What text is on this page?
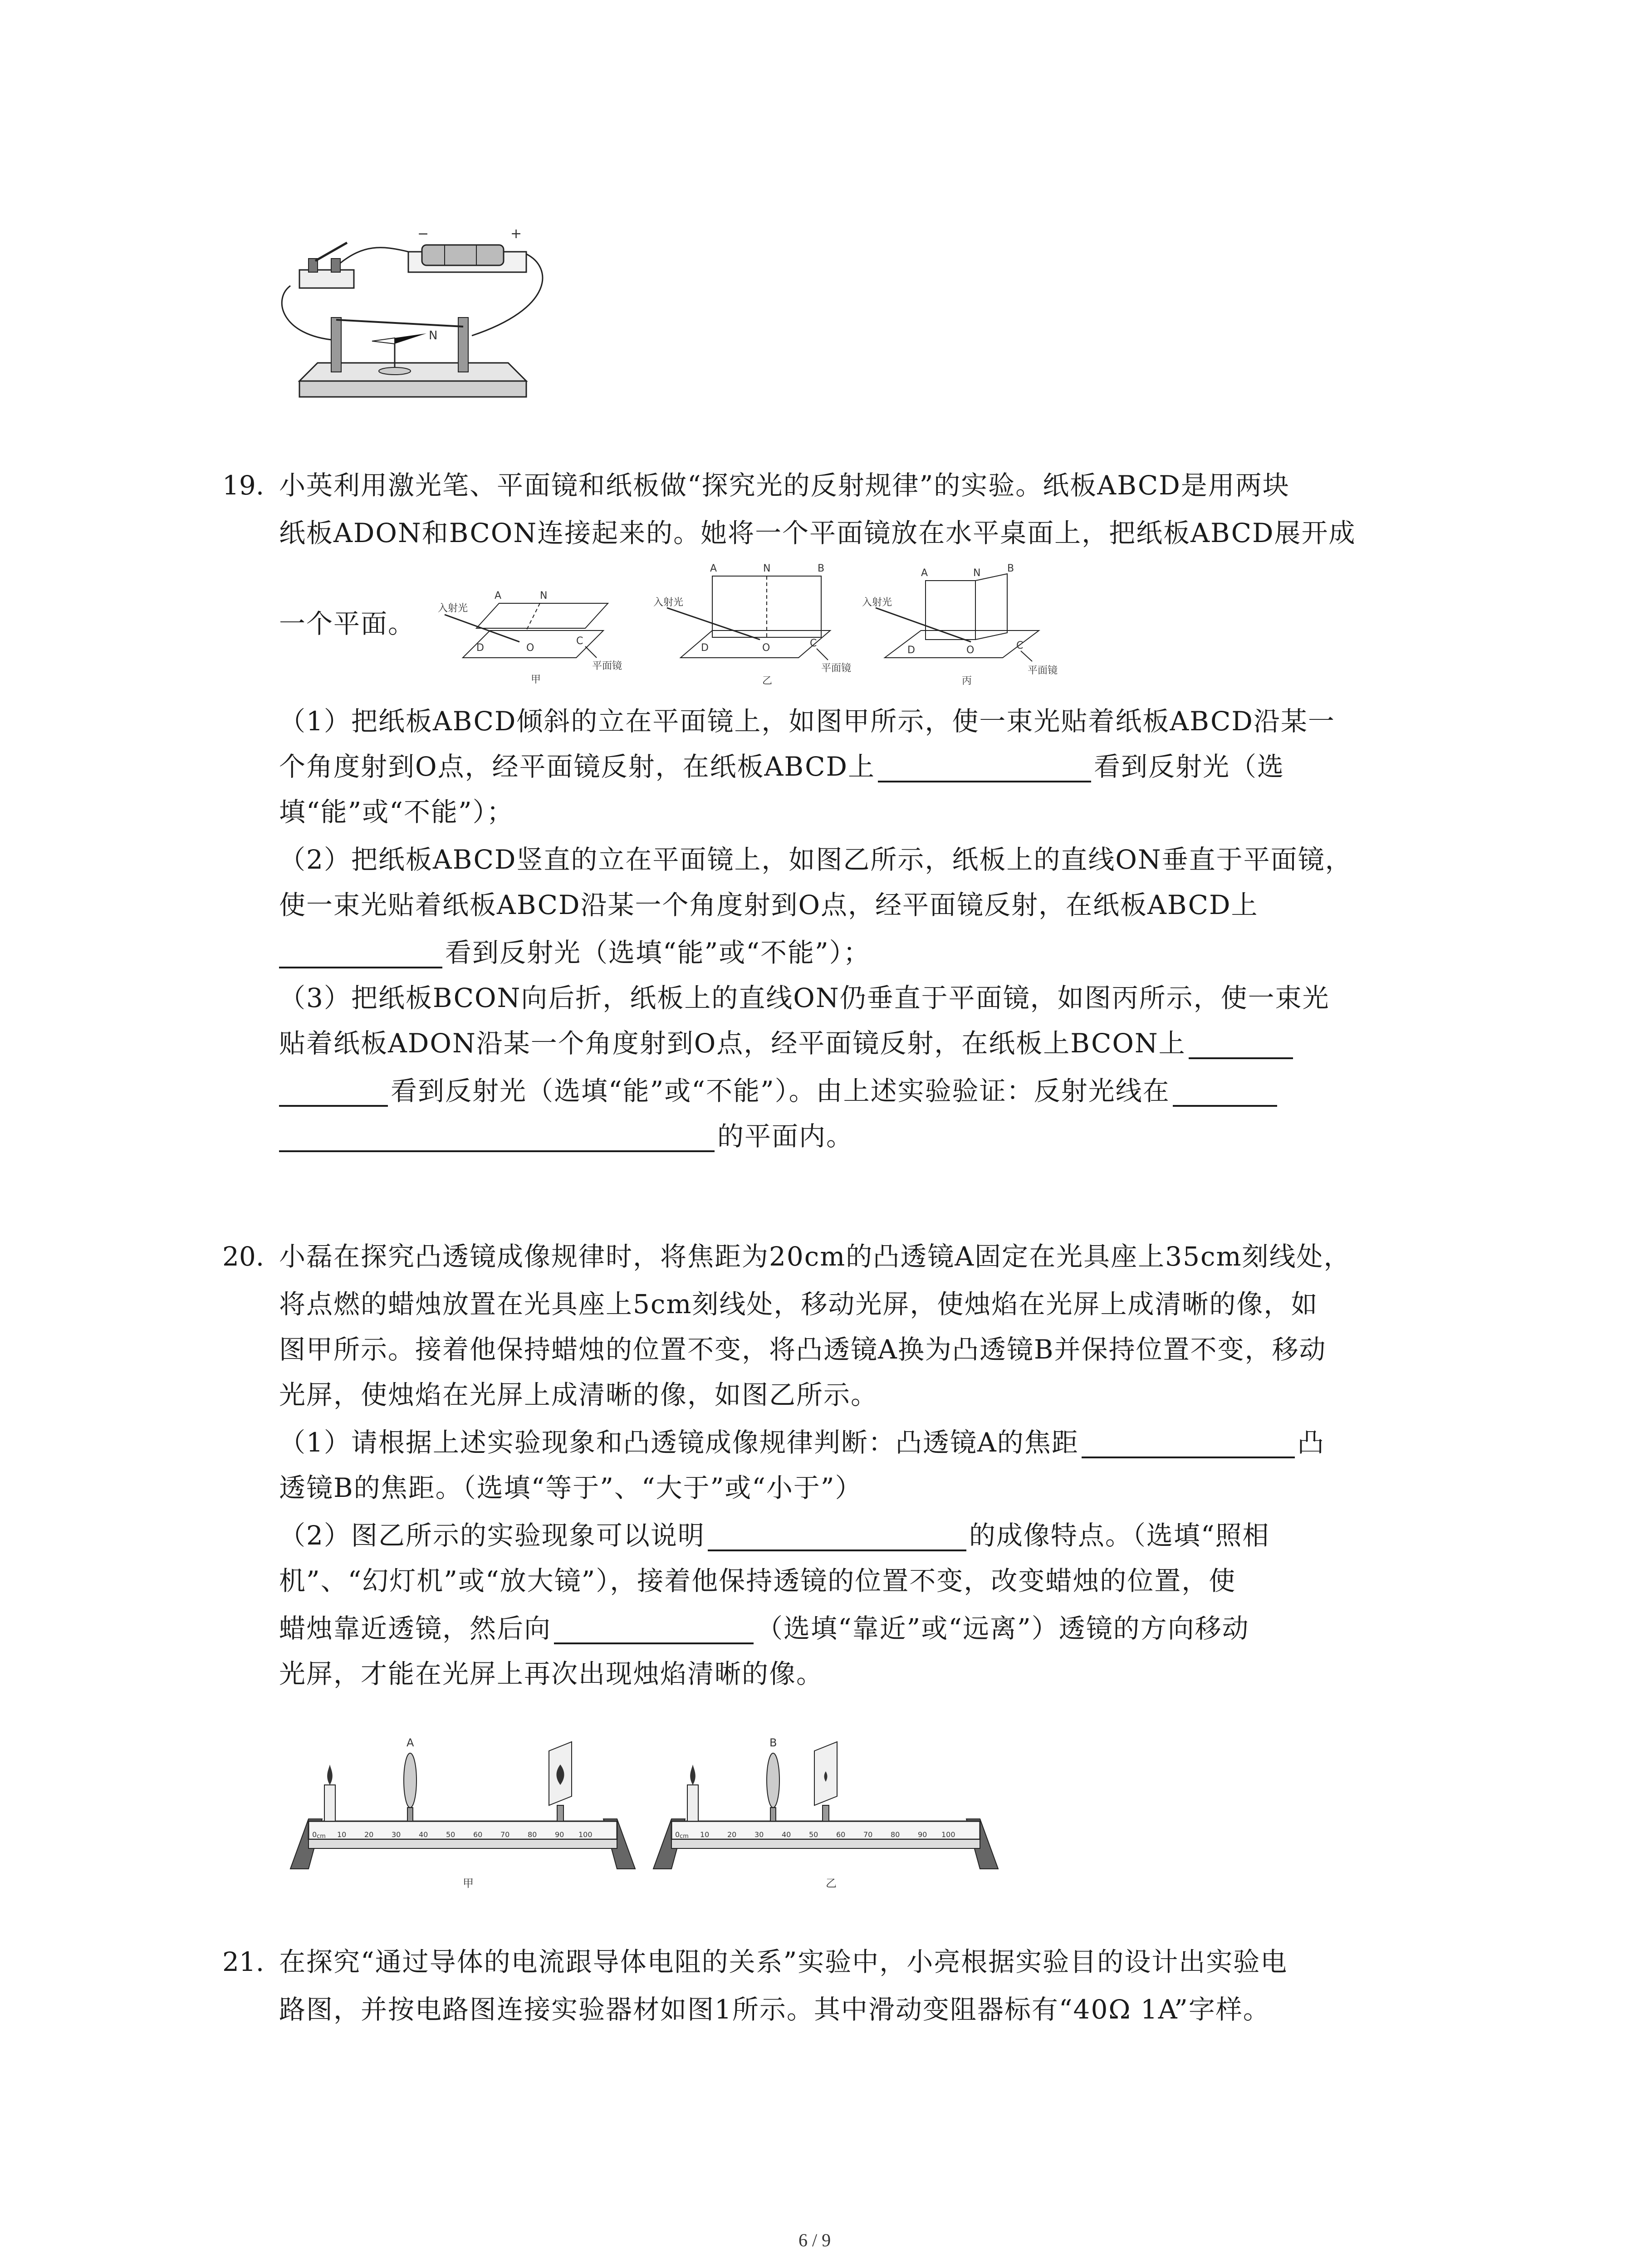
−	+
N
19. 小英利用激光笔、平面镜和纸板做“探究光的反射规律”的实验。纸板ABCD是用两块
纸板ADON和BCON连接起来的。她将一个平面镜放在水平桌面上，把纸板ABCD展开成
一个平面。 入射光
A	N
D	O
C
平面镜
甲
入射光
A	N	B
D	O	C
平面镜
乙
入射光
A	N	B
D	O	C
平面镜
丙
（1）把纸板ABCD倾斜的立在平面镜上，如图甲所示，使一束光贴着纸板ABCD沿某一
个角度射到O点，经平面镜反射，在纸板ABCD上	看到反射光（选
填“能”或“不能”）；
（2）把纸板ABCD竖直的立在平面镜上，如图乙所示，纸板上的直线ON垂直于平面镜，
使一束光贴着纸板ABCD沿某一个角度射到O点，经平面镜反射，在纸板ABCD上
看到反射光（选填“能”或“不能”）；
（3）把纸板BCON向后折，纸板上的直线ON仍垂直于平面镜，如图丙所示，使一束光
贴着纸板ADON沿某一个角度射到O点，经平面镜反射，在纸板上BCON上
看到反射光（选填“能”或“不能”）。由上述实验验证：反射光线在
的平面内。
20. 小磊在探究凸透镜成像规律时，将焦距为20cm的凸透镜A固定在光具座上35cm刻线处，
将点燃的蜡烛放置在光具座上5cm刻线处，移动光屏，使烛焰在光屏上成清晰的像，如
图甲所示。接着他保持蜡烛的位置不变，将凸透镜A换为凸透镜B并保持位置不变，移动
光屏，使烛焰在光屏上成清晰的像，如图乙所示。
（1）请根据上述实验现象和凸透镜成像规律判断：凸透镜A的焦距	凸
透镜B的焦距。（选填“等于”、“大于”或“小于”）
（2）图乙所示的实验现象可以说明	的成像特点。（选填“照相
机”、“幻灯机”或“放大镜”），接着他保持透镜的位置不变，改变蜡烛的位置，使
蜡烛靠近透镜，然后向	（选填“靠近”或“远离”）透镜的方向移动
光屏，才能在光屏上再次出现烛焰清晰的像。
0 cm 10 20 30 40 50 60 70 80 90 100
A
甲
0 cm 10 20 30 40 50 60 70 80 90 100
B
乙
21. 在探究“通过导体的电流跟导体电阻的关系”实验中，小亮根据实验目的设计出实验电
路图，并按电路图连接实验器材如图1所示。其中滑动变阻器标有“40Ω 1A”字样。
6 / 9
